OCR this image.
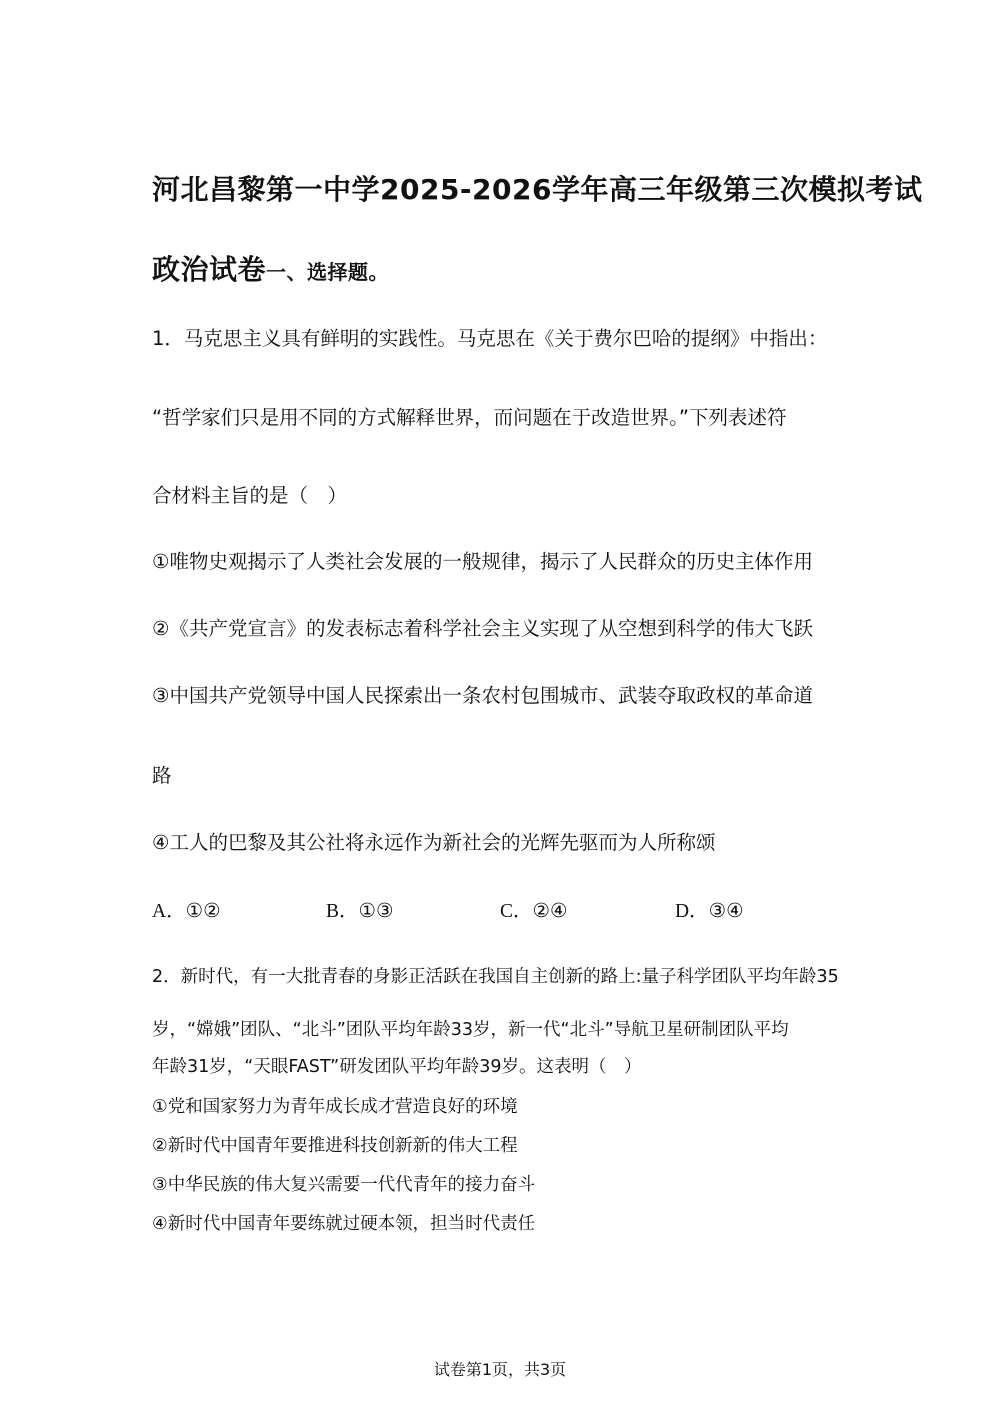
河北昌黎第一中学2025-2026学年高三年级第三次模拟考试
政治试卷一、选择题。
1．马克思主义具有鲜明的实践性。马克思在《关于费尔巴哈的提纲》中指出：
“哲学家们只是用不同的方式解释世界，而问题在于改造世界。”下列表述符
合材料主旨的是（　）
①唯物史观揭示了人类社会发展的一般规律，揭示了人民群众的历史主体作用
②《共产党宣言》的发表标志着科学社会主义实现了从空想到科学的伟大飞跃
③中国共产党领导中国人民探索出一条农村包围城市、武装夺取政权的革命道
路
④工人的巴黎及其公社将永远作为新社会的光辉先驱而为人所称颂
A．①②	B．①③	C．②④	D．③④
2．新时代，有一大批青春的身影正活跃在我国自主创新的路上:量子科学团队平均年龄35
岁，“嫦娥”团队、“北斗”团队平均年龄33岁，新一代“北斗”导航卫星研制团队平均
年龄31岁，“天眼FAST”研发团队平均年龄39岁。这表明（　）
①党和国家努力为青年成长成才营造良好的环境
②新时代中国青年要推进科技创新新的伟大工程
③中华民族的伟大复兴需要一代代青年的接力奋斗
④新时代中国青年要练就过硬本领，担当时代责任
试卷第1页，共3页
